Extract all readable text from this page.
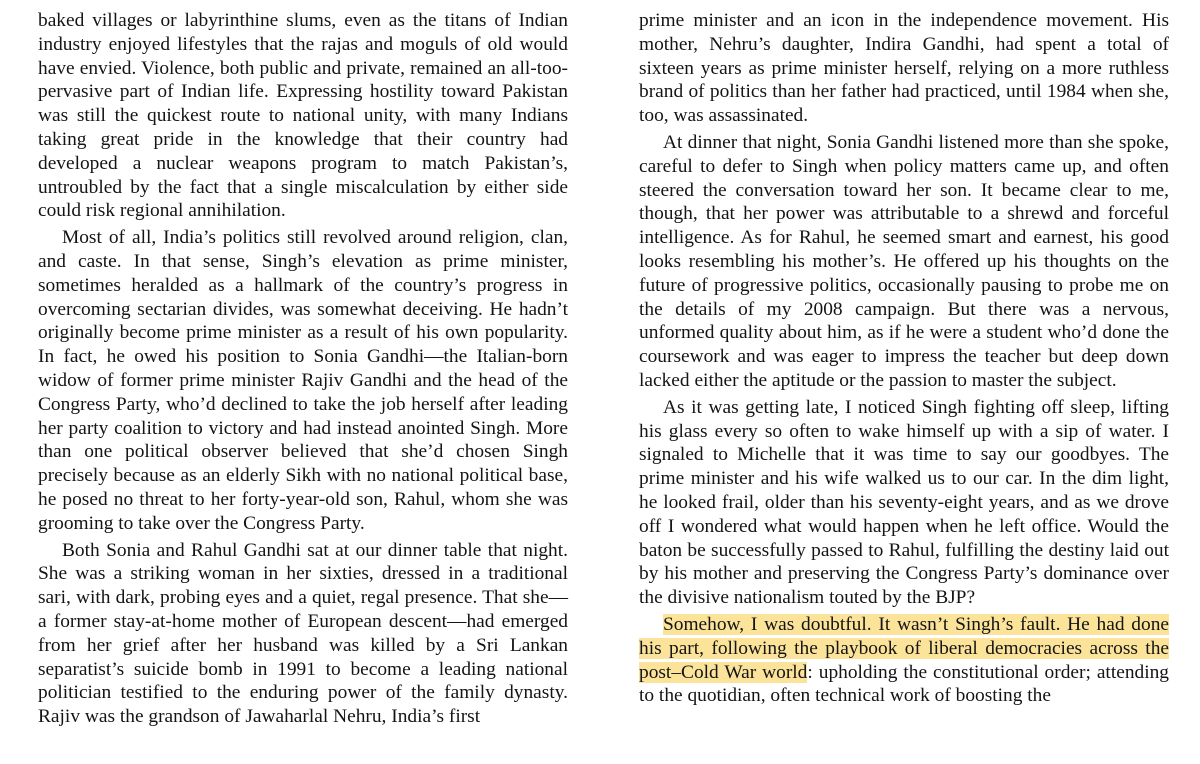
baked villages or labyrinthine slums, even as the titans of Indian industry enjoyed lifestyles that the rajas and moguls of old would have envied. Violence, both public and private, remained an all-too-pervasive part of Indian life. Expressing hostility toward Pakistan was still the quickest route to national unity, with many Indians taking great pride in the knowledge that their country had developed a nuclear weapons program to match Pakistan’s, untroubled by the fact that a single miscalculation by either side could risk regional annihilation.

Most of all, India’s politics still revolved around religion, clan, and caste. In that sense, Singh’s elevation as prime minister, sometimes heralded as a hallmark of the country’s progress in overcoming sectarian divides, was somewhat deceiving. He hadn’t originally become prime minister as a result of his own popularity. In fact, he owed his position to Sonia Gandhi—the Italian-born widow of former prime minister Rajiv Gandhi and the head of the Congress Party, who’d declined to take the job herself after leading her party coalition to victory and had instead anointed Singh. More than one political observer believed that she’d chosen Singh precisely because as an elderly Sikh with no national political base, he posed no threat to her forty-year-old son, Rahul, whom she was grooming to take over the Congress Party.

Both Sonia and Rahul Gandhi sat at our dinner table that night. She was a striking woman in her sixties, dressed in a traditional sari, with dark, probing eyes and a quiet, regal presence. That she—a former stay-at-home mother of European descent—had emerged from her grief after her husband was killed by a Sri Lankan separatist’s suicide bomb in 1991 to become a leading national politician testified to the enduring power of the family dynasty. Rajiv was the grandson of Jawaharlal Nehru, India’s first

prime minister and an icon in the independence movement. His mother, Nehru’s daughter, Indira Gandhi, had spent a total of sixteen years as prime minister herself, relying on a more ruthless brand of politics than her father had practiced, until 1984 when she, too, was assassinated.

At dinner that night, Sonia Gandhi listened more than she spoke, careful to defer to Singh when policy matters came up, and often steered the conversation toward her son. It became clear to me, though, that her power was attributable to a shrewd and forceful intelligence. As for Rahul, he seemed smart and earnest, his good looks resembling his mother’s. He offered up his thoughts on the future of progressive politics, occasionally pausing to probe me on the details of my 2008 campaign. But there was a nervous, unformed quality about him, as if he were a student who’d done the coursework and was eager to impress the teacher but deep down lacked either the aptitude or the passion to master the subject.

As it was getting late, I noticed Singh fighting off sleep, lifting his glass every so often to wake himself up with a sip of water. I signaled to Michelle that it was time to say our goodbyes. The prime minister and his wife walked us to our car. In the dim light, he looked frail, older than his seventy-eight years, and as we drove off I wondered what would happen when he left office. Would the baton be successfully passed to Rahul, fulfilling the destiny laid out by his mother and preserving the Congress Party’s dominance over the divisive nationalism touted by the BJP?

Somehow, I was doubtful. It wasn’t Singh’s fault. He had done his part, following the playbook of liberal democracies across the post–Cold War world: upholding the constitutional order; attending to the quotidian, often technical work of boosting the
